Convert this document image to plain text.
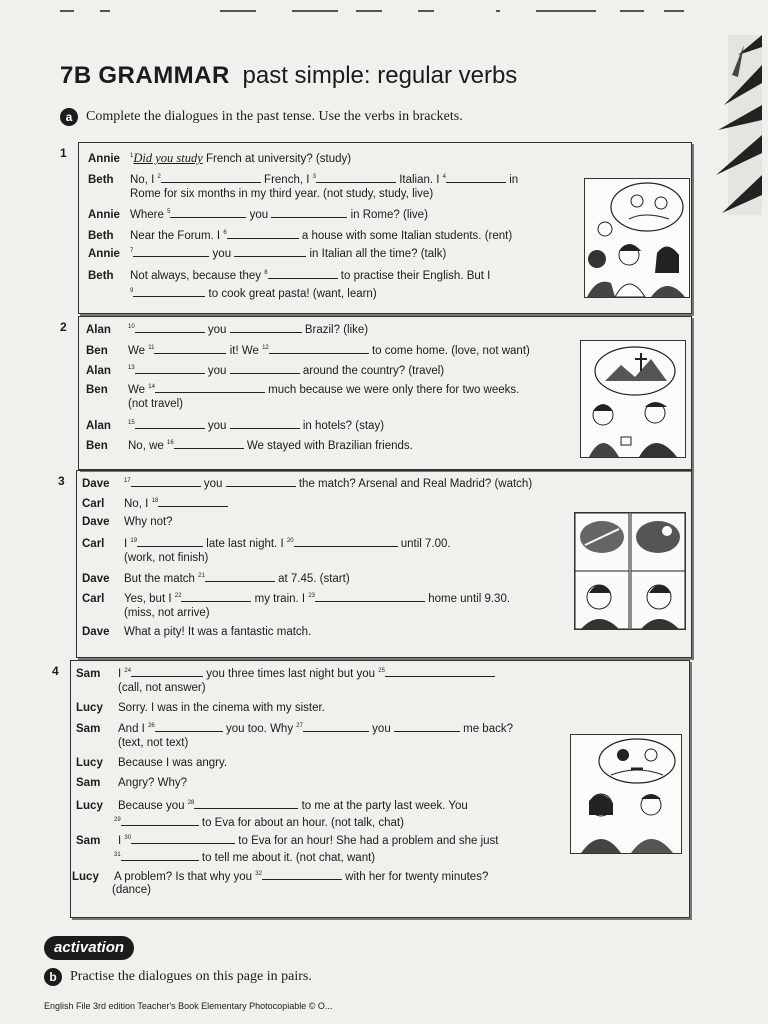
7B GRAMMAR past simple: regular verbs
a Complete the dialogues in the past tense. Use the verbs in brackets.
1 Annie $^1$Did you study French at university? (study)
Beth No, I $^2$	French, I $^3$	Italian. I $^4$	in
Rome for six months in my third year. (not study, study, live)
Annie Where $^5$	you	in Rome? (live)
Beth Near the Forum. I $^6$	a house with some Italian students. (rent)
Annie $^7$	you	in Italian all the time? (talk)
Beth Not always, because they $^8$	to practise their English. But I
$^9$	to cook great pasta! (want, learn)
2 Alan	$^{10}$	you	Brazil? (like)
Ben We $^{11}$	it! We $^{12}$	to come home. (love, not want)
Alan	$^{13}$	you	around the country? (travel)
Ben We $^{14}$	much because we were only there for two weeks.
(not travel)
Alan	$^{15}$	you	in hotels? (stay)
Ben No, we $^{16}$	We stayed with Brazilian friends.
3 Dave $^{17}$	you	the match? Arsenal and Real Madrid? (watch)
Carl No, I $^{18}$
Dave Why not?
Carl I $^{19}$	late last night. I $^{20}$	until 7.00.
(work, not finish)
Dave But the match $^{21}$	at 7.45. (start)
Carl Yes, but I $^{22}$	my train. I $^{23}$	home until 9.30.
(miss, not arrive)
Dave What a pity! It was a fantastic match.
4 Sam I $^{24}$	you three times last night but you $^{25}$
(call, not answer)
Lucy Sorry. I was in the cinema with my sister.
Sam And I $^{26}$	you too. Why $^{27}$	you	me back?
(text, not text)
Lucy Because I was angry.
Sam Angry? Why?
Lucy Because you $^{28}$	to me at the party last week. You
$^{29}$	to Eva for about an hour. (not talk, chat)
Sam I $^{30}$	to Eva for an hour! She had a problem and she just
$^{31}$	to tell me about it. (not chat, want)
Lucy A problem? Is that why you $^{32}$	with her for twenty minutes?
(dance)
activation
b Practise the dialogues on this page in pairs.
English File 3rd edition Teacher's Book Elementary Photocopiable © O...
